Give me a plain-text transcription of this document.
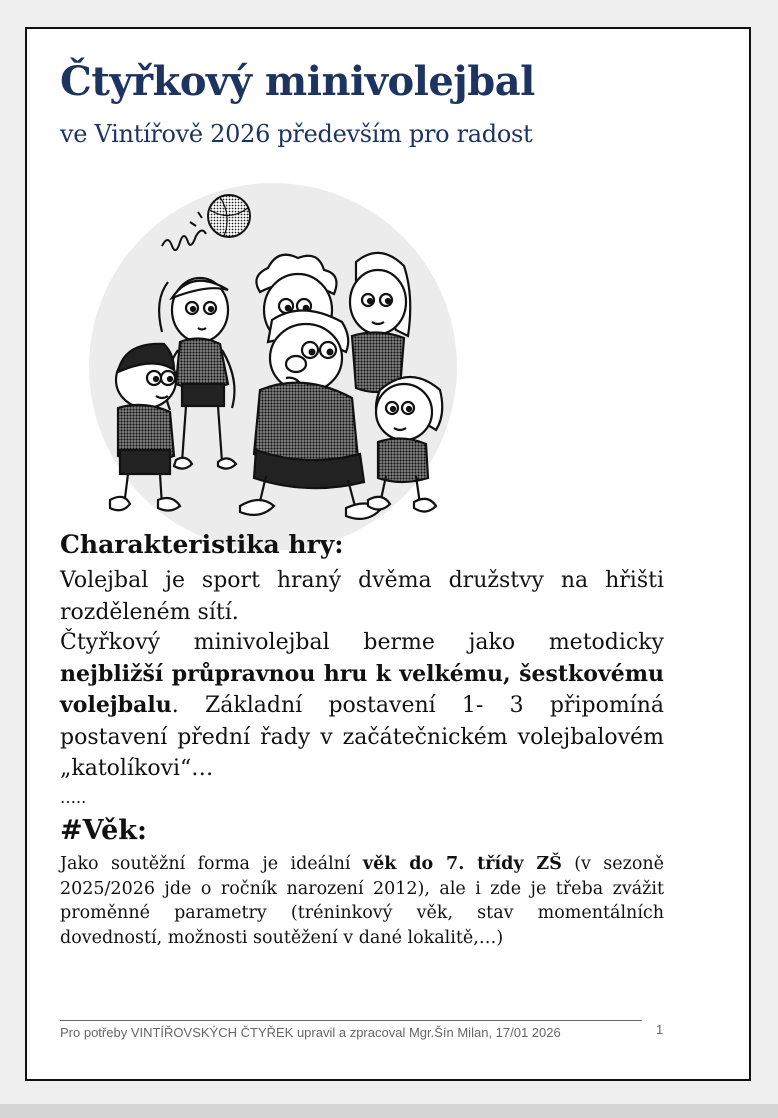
Čtyřkový minivolejbal

ve Vintířově 2026 především pro radost

Charakteristika hry:

Volejbal je sport hraný dvěma družstvy na hřišti rozděleném sítí.

Čtyřkový minivolejbal berme jako metodicky nejbližší průpravnou hru k velkému, šestkovému volejbalu. Základní postavení 1- 3 připomíná postavení přední řady v začátečnickém volejbalovém „katolíkovi“…

…..
#Věk:

Jako soutěžní forma je ideální věk do 7. třídy ZŠ (v sezoně 2025/2026 jde o ročník narození 2012), ale i zde je třeba zvážit proměnné parametry (tréninkový věk, stav momentálních dovedností, možnosti soutěžení v dané lokalitě,…)

Pro potřeby VINTÍŘOVSKÝCH ČTYŘEK upravil a zpracoval Mgr.Šín Milan, 17/01 2026	1
